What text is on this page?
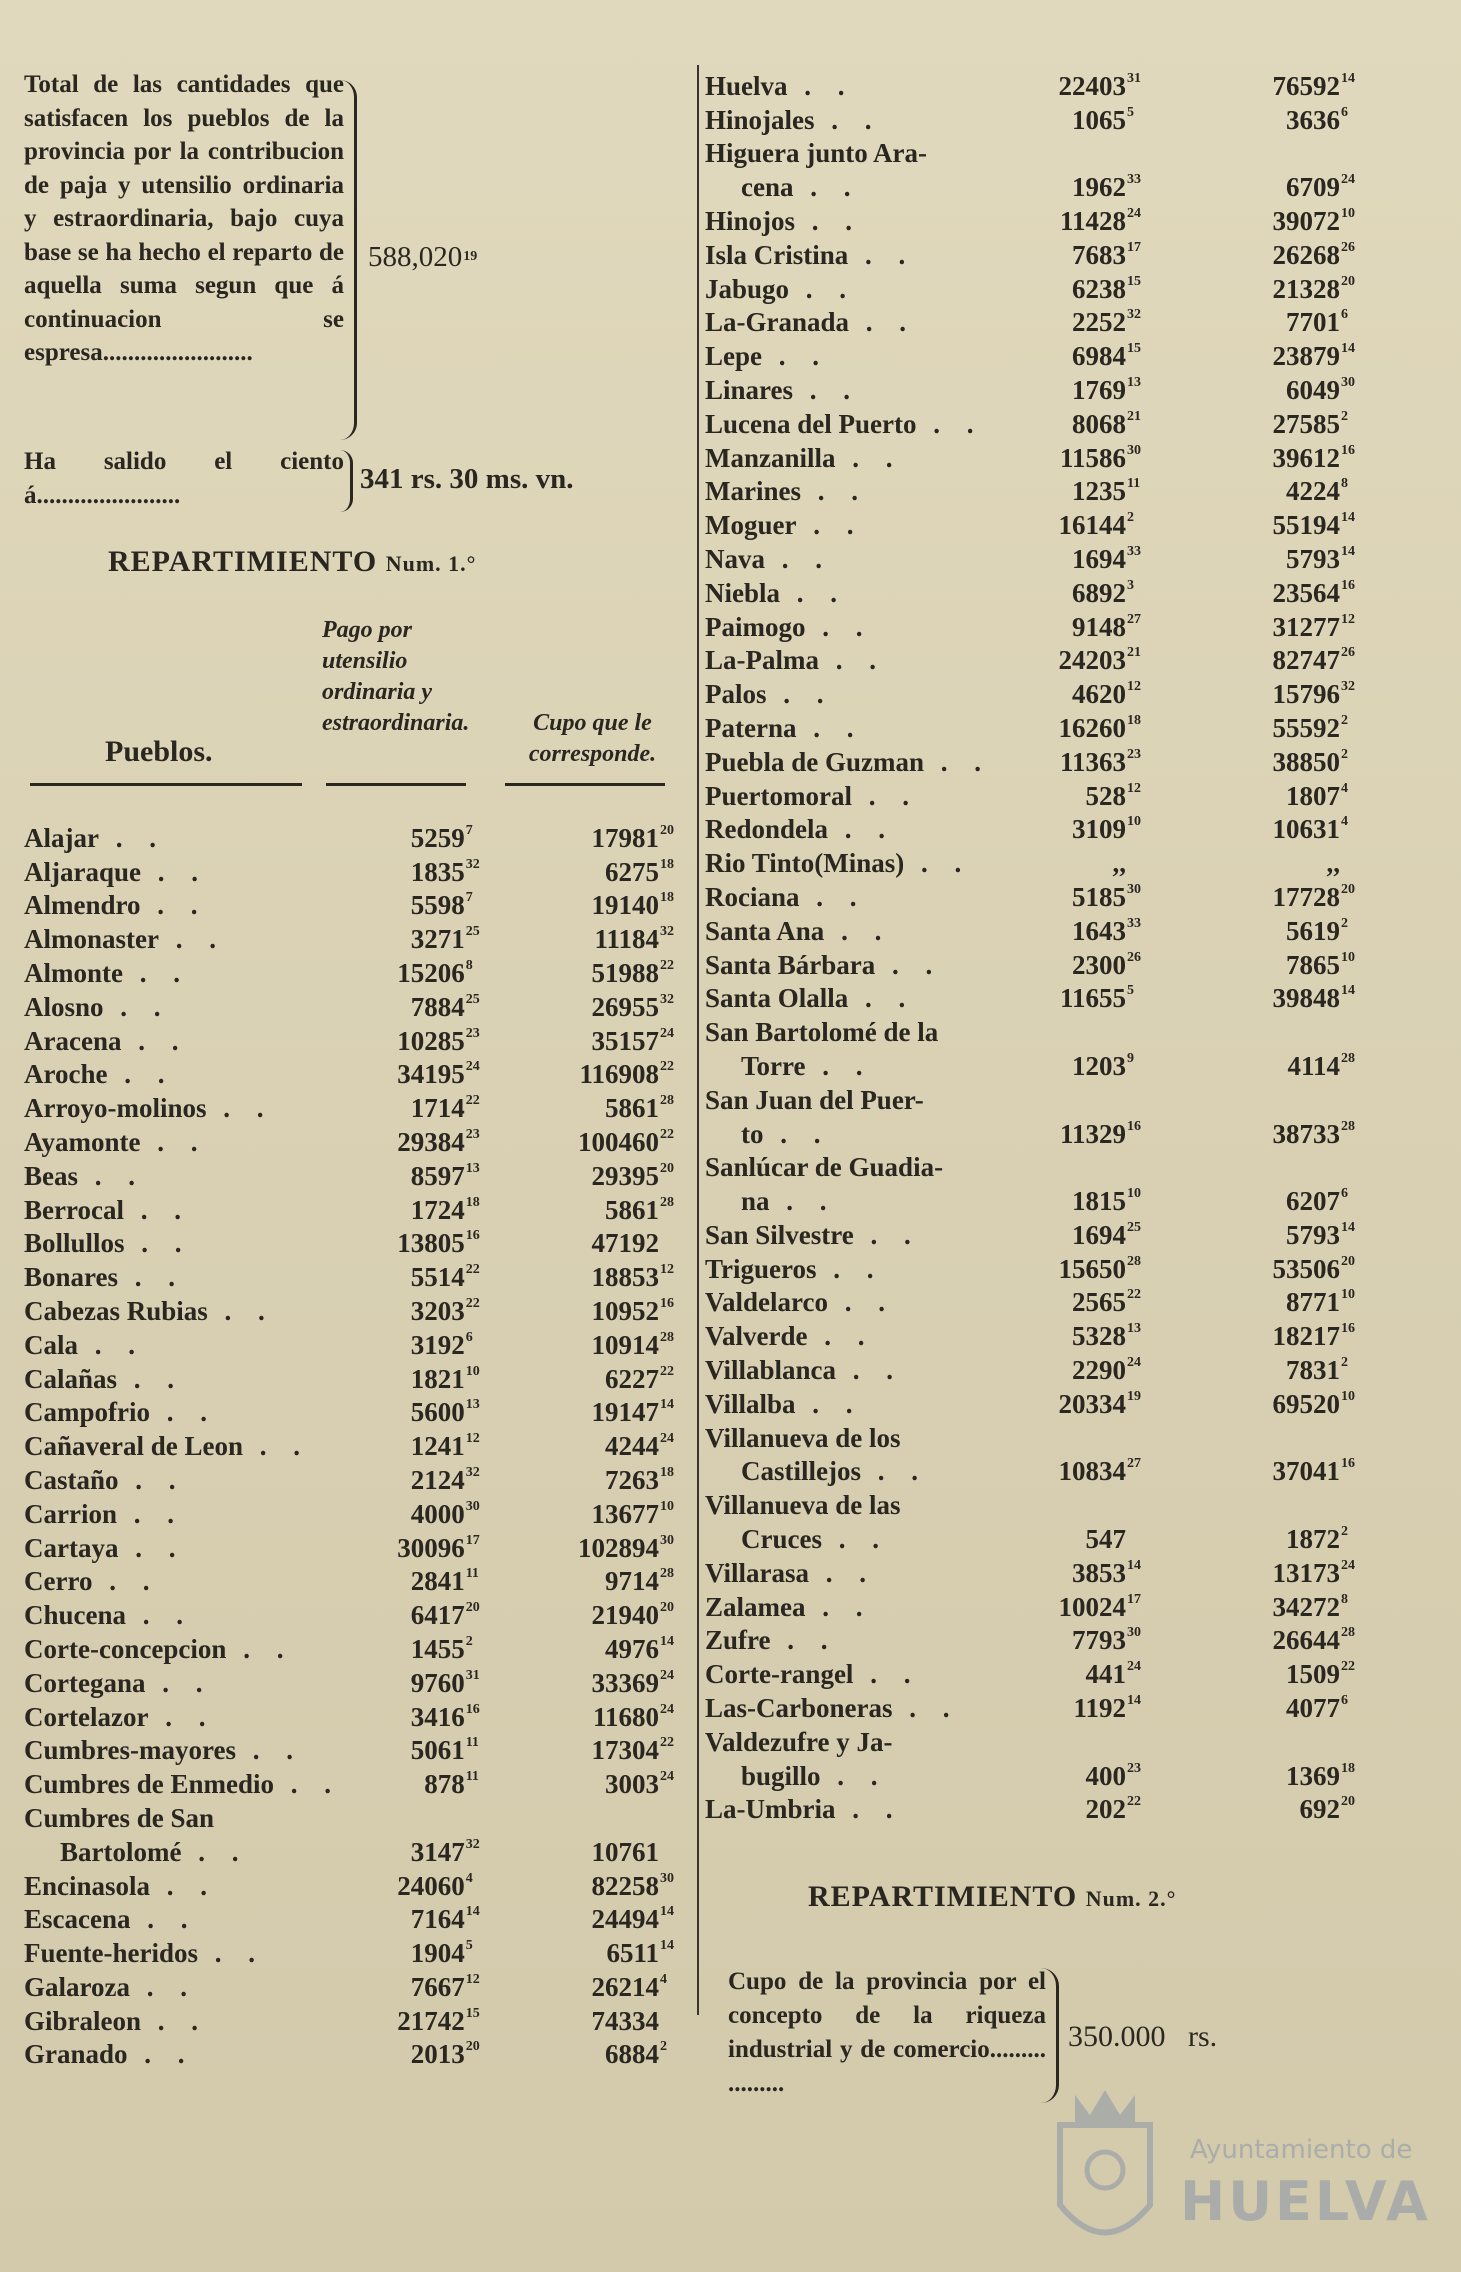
Total de las cantidades que satisfacen los pueblos de la provincia por la contribucion de paja y utensilio ordinaria y estraordinaria, bajo cuya base se ha hecho el reparto de aquella suma segun que á continuacion se espresa........................
588,020$^{19}$
Ha salido el ciento á.......................	341 rs. 30 ms. vn.
REPARTIMIENTO Num. 1.°
Pago por utensilio ordinaria y estraordinaria.	Cupo que le corresponde.
Pueblos.
Alajar . .	52597	1798120
Aljaraque . .	183532	627518
Almendro . .	55987	1914018
Almonaster . .	327125	1118432
Almonte . .	152068	5198822
Alosno . .	788425	2695532
Aracena . .	1028523	3515724
Aroche . .	3419524	11690822
Arroyo-molinos . .	171422	586128
Ayamonte . .	2938423	10046022
Beas . .	859713	2939520
Berrocal . .	172418	586128
Bollullos . .	1380516	47192
Bonares . .	551422	1885312
Cabezas Rubias . .	320322	1095216
Cala . .	31926	1091428
Calañas . .	182110	622722
Campofrio . .	560013	1914714
Cañaveral de Leon . .	124112	424424
Castaño . .	212432	726318
Carrion . .	400030	1367710
Cartaya . .	3009617	10289430
Cerro . .	284111	971428
Chucena . .	641720	2194020
Corte-concepcion . .	14552	497614
Cortegana . .	976031	3336924
Cortelazor . .	341616	1168024
Cumbres-mayores . .	506111	1730422
Cumbres de Enmedio . .	87811	300324
Cumbres de San		
Bartolomé . .	314732	10761
Encinasola . .	240604	8225830
Escacena . .	716414	2449414
Fuente-heridos . .	19045	651114
Galaroza . .	766712	262144
Gibraleon . .	2174215	74334
Granado . .	201320	68842
Huelva . .	2240331	7659214
Hinojales . .	10655	36366
Higuera junto Ara-		
cena . .	196233	670924
Hinojos . .	1142824	3907210
Isla Cristina . .	768317	2626826
Jabugo . .	623815	2132820
La-Granada . .	225232	77016
Lepe . .	698415	2387914
Linares . .	176913	604930
Lucena del Puerto . .	806821	275852
Manzanilla . .	1158630	3961216
Marines . .	123511	42248
Moguer . .	161442	5519414
Nava . .	169433	579314
Niebla . .	68923	2356416
Paimogo . .	914827	3127712
La-Palma . .	2420321	8274726
Palos . .	462012	1579632
Paterna . .	1626018	555922
Puebla de Guzman . .	1136323	388502
Puertomoral . .	52812	18074
Redondela . .	310910	106314
Rio Tinto(Minas) . .	,,	,,
Rociana . .	518530	1772820
Santa Ana . .	164333	56192
Santa Bárbara . .	230026	786510
Santa Olalla . .	116555	3984814
San Bartolomé de la		
Torre . .	12039	411428
San Juan del Puer-		
to . .	1132916	3873328
Sanlúcar de Guadia-		
na . .	181510	62076
San Silvestre . .	169425	579314
Trigueros . .	1565028	5350620
Valdelarco . .	256522	877110
Valverde . .	532813	1821716
Villablanca . .	229024	78312
Villalba . .	2033419	6952010
Villanueva de los		
Castillejos . .	1083427	3704116
Villanueva de las		
Cruces . .	547	18722
Villarasa . .	385314	1317324
Zalamea . .	1002417	342728
Zufre . .	779330	2664428
Corte-rangel . .	44124	150922
Las-Carboneras . .	119214	40776
Valdezufre y Ja-		
bugillo . .	40023	136918
La-Umbria . .	20222	69220
REPARTIMIENTO Num. 2.°
Cupo de la provincia por el concepto de la riqueza industrial y de comercio......... .........
350.000 rs.
Ayuntamiento de
HUELVA
